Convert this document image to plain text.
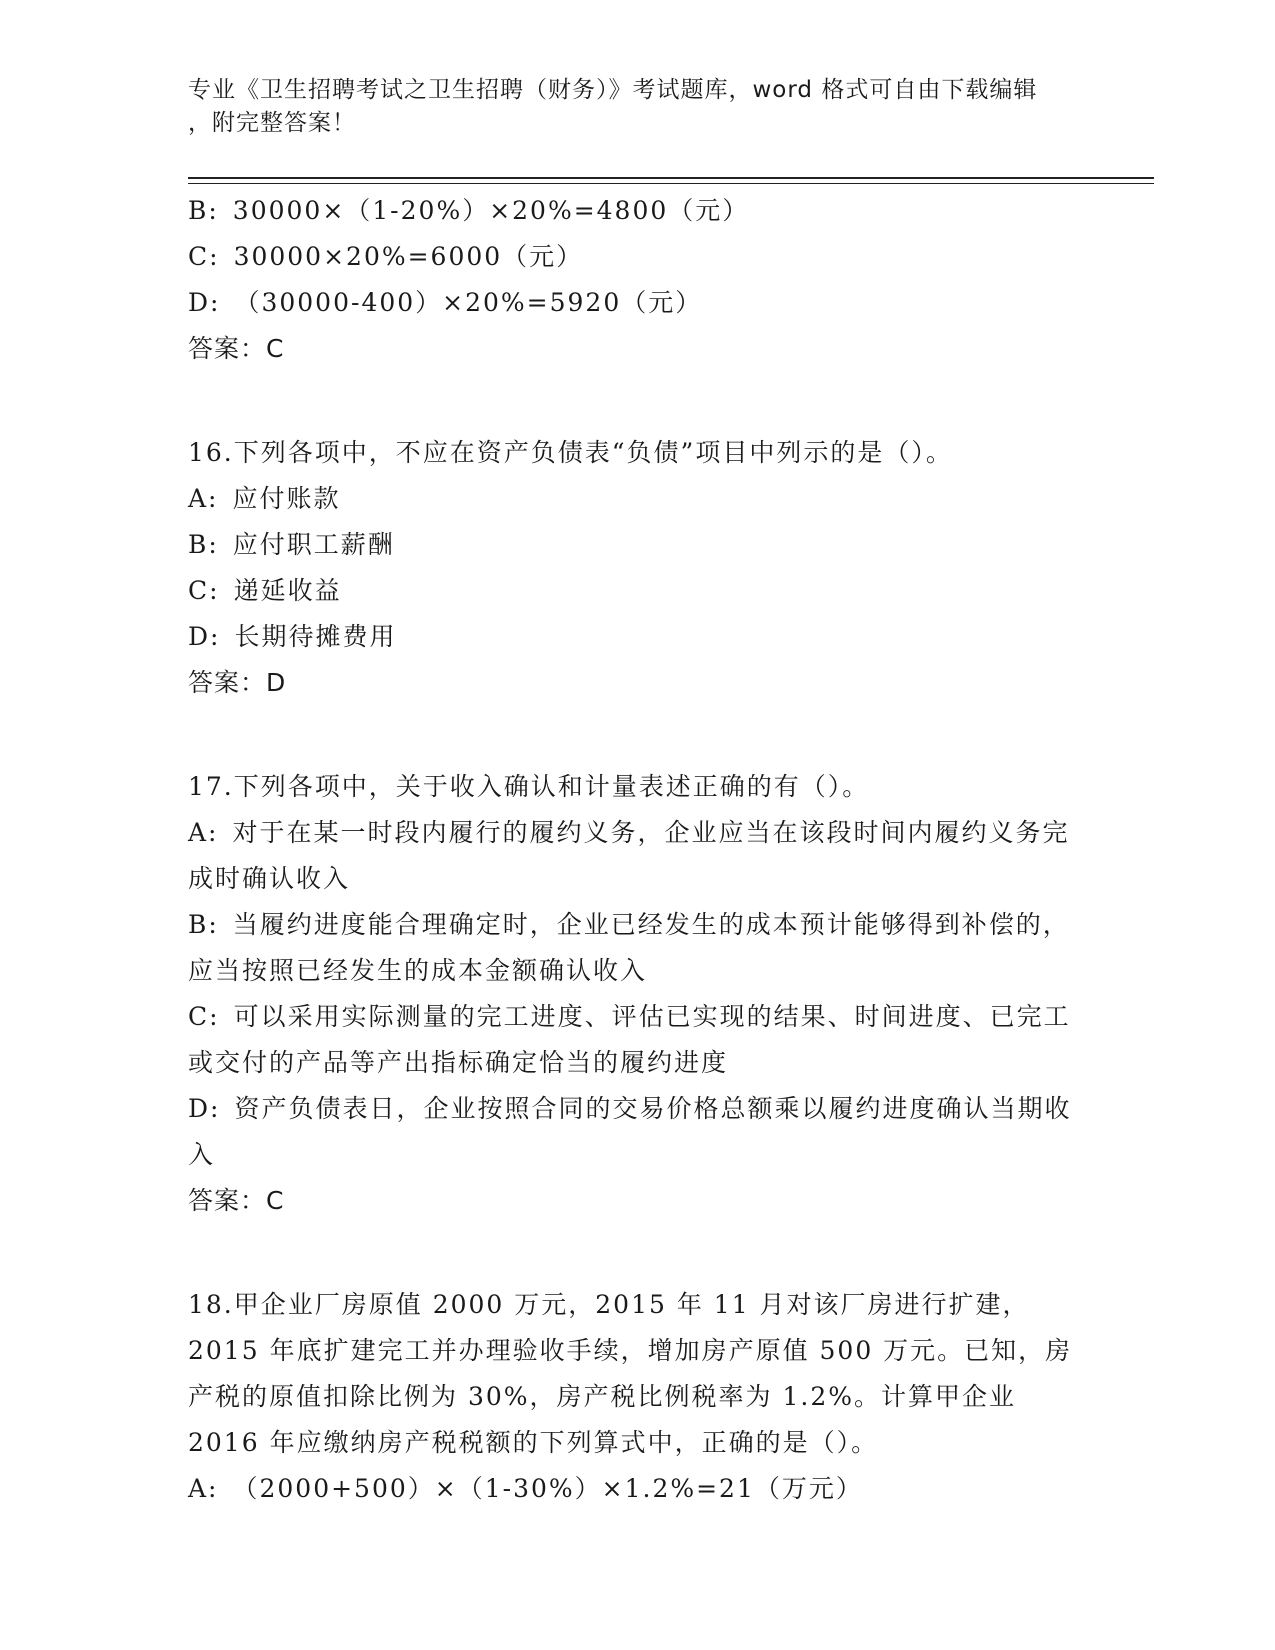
专业《卫生招聘考试之卫生招聘（财务）》考试题库，word 格式可自由下载编辑
，附完整答案！

B: 30000×（1-20%）×20%=4800（元）

C: 30000×20%=6000（元）

D: （30000-400）×20%=5920（元）

答案：C

16.下列各项中，不应在资产负债表“负债”项目中列示的是（）。

A: 应付账款

B: 应付职工薪酬

C: 递延收益

D: 长期待摊费用

答案：D

17.下列各项中，关于收入确认和计量表述正确的有（）。

A: 对于在某一时段内履行的履约义务，企业应当在该段时间内履约义务完成时确认收入

B: 当履约进度能合理确定时，企业已经发生的成本预计能够得到补偿的，应当按照已经发生的成本金额确认收入

C: 可以采用实际测量的完工进度、评估已实现的结果、时间进度、已完工或交付的产品等产出指标确定恰当的履约进度

D: 资产负债表日，企业按照合同的交易价格总额乘以履约进度确认当期收入

答案：C

18.甲企业厂房原值 2000 万元，2015 年 11 月对该厂房进行扩建，2015 年底扩建完工并办理验收手续，增加房产原值 500 万元。已知，房产税的原值扣除比例为 30%，房产税比例税率为 1.2%。计算甲企业 2016 年应缴纳房产税税额的下列算式中，正确的是（）。

A: （2000+500）×（1-30%）×1.2%=21（万元）
